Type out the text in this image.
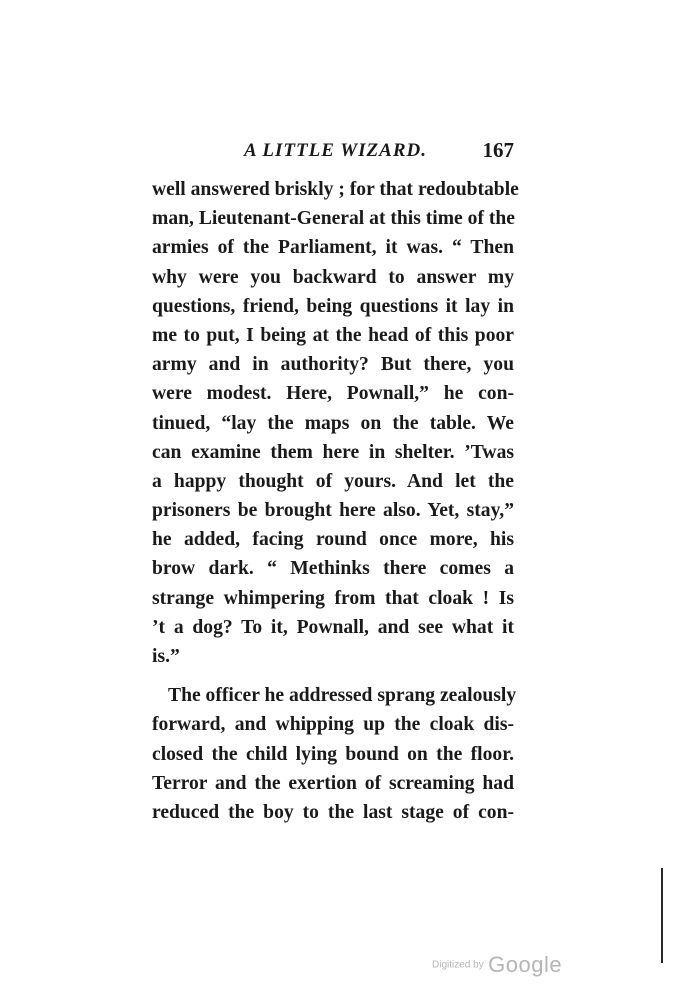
A LITTLE WIZARD.	167
well answered briskly ; for that redoubtable
man, Lieutenant-General at this time of the
armies of the Parliament, it was. “ Then
why were you backward to answer my
questions, friend, being questions it lay in
me to put, I being at the head of this poor
army and in authority? But there, you
were modest. Here, Pownall,” he con-
tinued, “lay the maps on the table. We
can examine them here in shelter. ’Twas
a happy thought of yours. And let the
prisoners be brought here also. Yet, stay,”
he added, facing round once more, his
brow dark. “ Methinks there comes a
strange whimpering from that cloak ! Is
’t a dog? To it, Pownall, and see what it
is.”
The officer he addressed sprang zealously
forward, and whipping up the cloak dis-
closed the child lying bound on the floor.
Terror and the exertion of screaming had
reduced the boy to the last stage of con-
Digitized by Google
